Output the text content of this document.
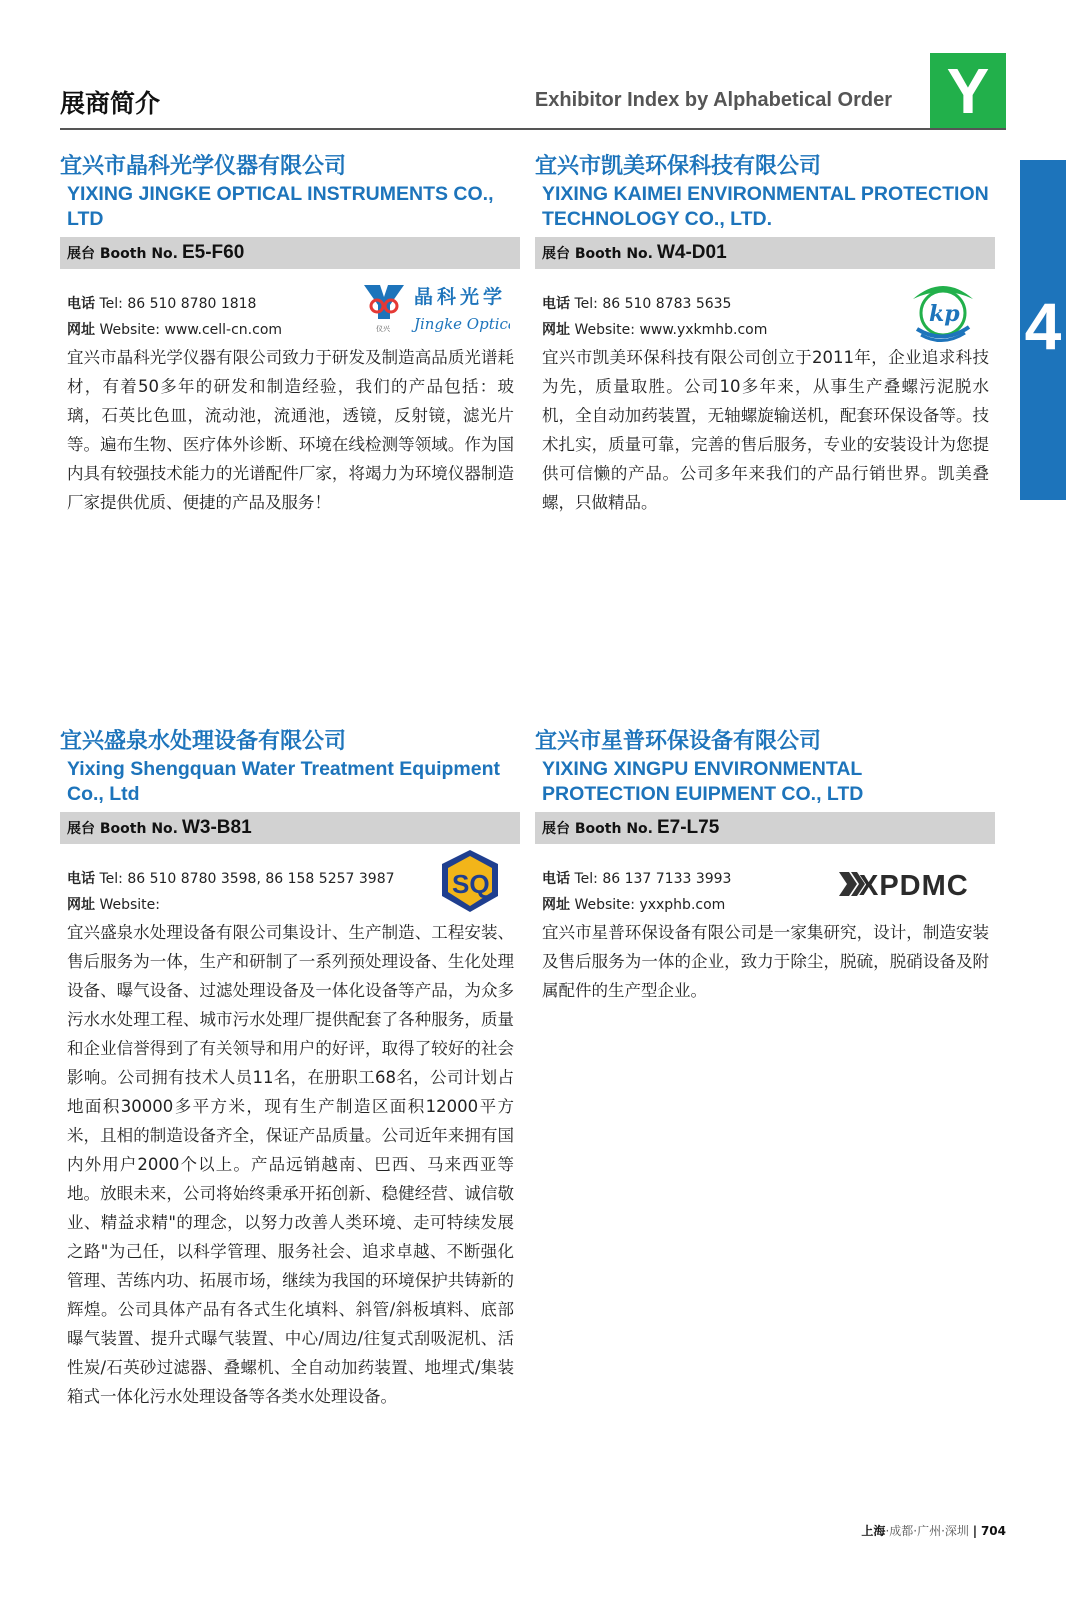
展商简介	Exhibitor Index by Alphabetical Order Y
4
宜兴市晶科光学仪器有限公司
YIXING JINGKE OPTICAL INSTRUMENTS CO., LTD
展台 Booth No. E5-F60

电话 Tel: 86 510 8780 1818

网址 Website: www.cell-cn.com	仪兴
晶科光学
Jingke Optica
宜兴市晶科光学仪器有限公司致力于研发及制造高品质光谱耗材，有着50多年的研发和制造经验，我们的产品包括：玻璃，石英比色皿，流动池，流通池，透镜，反射镜，滤光片等。遍布生物、医疗体外诊断、环境在线检测等领域。作为国内具有较强技术能力的光谱配件厂家，将竭力为环境仪器制造厂家提供优质、便捷的产品及服务！
宜兴市凯美环保科技有限公司
YIXING KAIMEI ENVIRONMENTAL PROTECTION TECHNOLOGY CO., LTD.
展台 Booth No. W4-D01

电话 Tel: 86 510 8783 5635

网址 Website: www.yxkmhb.com

kp
宜兴市凯美环保科技有限公司创立于2011年，企业追求科技为先，质量取胜。公司10多年来，从事生产叠螺污泥脱水机，全自动加药装置，无轴螺旋输送机，配套环保设备等。技术扎实，质量可靠，完善的售后服务，专业的安装设计为您提供可信懒的产品。公司多年来我们的产品行销世界。凯美叠螺，只做精品。
宜兴盛泉水处理设备有限公司
Yixing Shengquan Water Treatment Equipment Co., Ltd
展台 Booth No. W3-B81

电话 Tel: 86 510 8780 3598, 86 158 5257 3987

网址 Website:

SQ
宜兴盛泉水处理设备有限公司集设计、生产制造、工程安装、售后服务为一体，生产和研制了一系列预处理设备、生化处理设备、曝气设备、过滤处理设备及一体化设备等产品，为众多污水水处理工程、城市污水处理厂提供配套了各种服务，质量和企业信誉得到了有关领导和用户的好评，取得了较好的社会影响。公司拥有技术人员11名，在册职工68名，公司计划占地面积30000多平方米，现有生产制造区面积12000平方米，且相的制造设备齐全，保证产品质量。公司近年来拥有国内外用户2000个以上。产品远销越南、巴西、马来西亚等地。放眼未来，公司将始终秉承开拓创新、稳健经营、诚信敬业、精益求精"的理念，以努力改善人类环境、走可特续发展之路"为己任，以科学管理、服务社会、追求卓越、不断强化管理、苦练内功、拓展市场，继续为我国的环境保护共铸新的辉煌。公司具体产品有各式生化填料、斜管/斜板填料、底部曝气装置、提升式曝气装置、中心/周边/往复式刮吸泥机、活性炭/石英砂过滤器、叠螺机、全自动加药装置、地埋式/集装箱式一体化污水处理设备等各类水处理设备。
宜兴市星普环保设备有限公司
YIXING XINGPU ENVIRONMENTAL PROTECTION EUIPMENT CO., LTD
展台 Booth No. E7-L75

电话 Tel: 86 137 7133 3993

网址 Website: yxxphb.com

XPDMC
宜兴市星普环保设备有限公司是一家集研究，设计，制造安装及售后服务为一体的企业，致力于除尘，脱硫，脱硝设备及附属配件的生产型企业。
上海·成都·广州·深圳 | 704
